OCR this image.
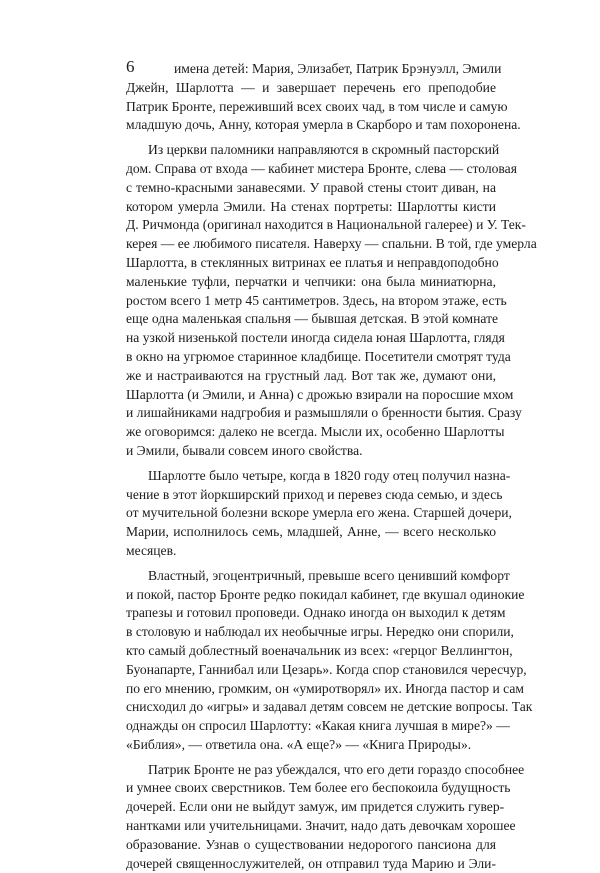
6	имена детей: Мария, Элизабет, Патрик Брэнуэлл, Эмили
Джейн, Шарлотта — и завершает перечень его преподобие
Патрик Бронте, переживший всех своих чад, в том числе и самую
младшую дочь, Анну, которая умерла в Скарборо и там похоронена.
Из церкви паломники направляются в скромный пасторский
дом. Справа от входа — кабинет мистера Бронте, слева — столовая
с темно-красными занавесями. У правой стены стоит диван, на
котором умерла Эмили. На стенах портреты: Шарлотты кисти
Д. Ричмонда (оригинал находится в Национальной галерее) и У. Тек-
керея — ее любимого писателя. Наверху — спальни. В той, где умерла
Шарлотта, в стеклянных витринах ее платья и неправдоподобно
маленькие туфли, перчатки и чепчики: она была миниатюрна,
ростом всего 1 метр 45 сантиметров. Здесь, на втором этаже, есть
еще одна маленькая спальня — бывшая детская. В этой комнате
на узкой низенькой постели иногда сидела юная Шарлотта, глядя
в окно на угрюмое старинное кладбище. Посетители смотрят туда
же и настраиваются на грустный лад. Вот так же, думают они,
Шарлотта (и Эмили, и Анна) с дрожью взирали на поросшие мхом
и лишайниками надгробия и размышляли о бренности бытия. Сразу
же оговоримся: далеко не всегда. Мысли их, особенно Шарлотты
и Эмили, бывали совсем иного свойства.
Шарлотте было четыре, когда в 1820 году отец получил назна-
чение в этот йоркширский приход и перевез сюда семью, и здесь
от мучительной болезни вскоре умерла его жена. Старшей дочери,
Марии, исполнилось семь, младшей, Анне, — всего несколько
месяцев.
Властный, эгоцентричный, превыше всего ценивший комфорт
и покой, пастор Бронте редко покидал кабинет, где вкушал одинокие
трапезы и готовил проповеди. Однако иногда он выходил к детям
в столовую и наблюдал их необычные игры. Нередко они спорили,
кто самый доблестный военачальник из всех: «герцог Веллингтон,
Буонапарте, Ганнибал или Цезарь». Когда спор становился чересчур,
по его мнению, громким, он «умиротворял» их. Иногда пастор и сам
снисходил до «игры» и задавал детям совсем не детские вопросы. Так
однажды он спросил Шарлотту: «Какая книга лучшая в мире?» —
«Библия», — ответила она. «А еще?» — «Книга Природы».
Патрик Бронте не раз убеждался, что его дети гораздо способнее
и умнее своих сверстников. Тем более его беспокоила будущность
дочерей. Если они не выйдут замуж, им придется служить гувер-
нантками или учительницами. Значит, надо дать девочкам хорошее
образование. Узнав о существовании недорогого пансиона для
дочерей священнослужителей, он отправил туда Марию и Эли-
